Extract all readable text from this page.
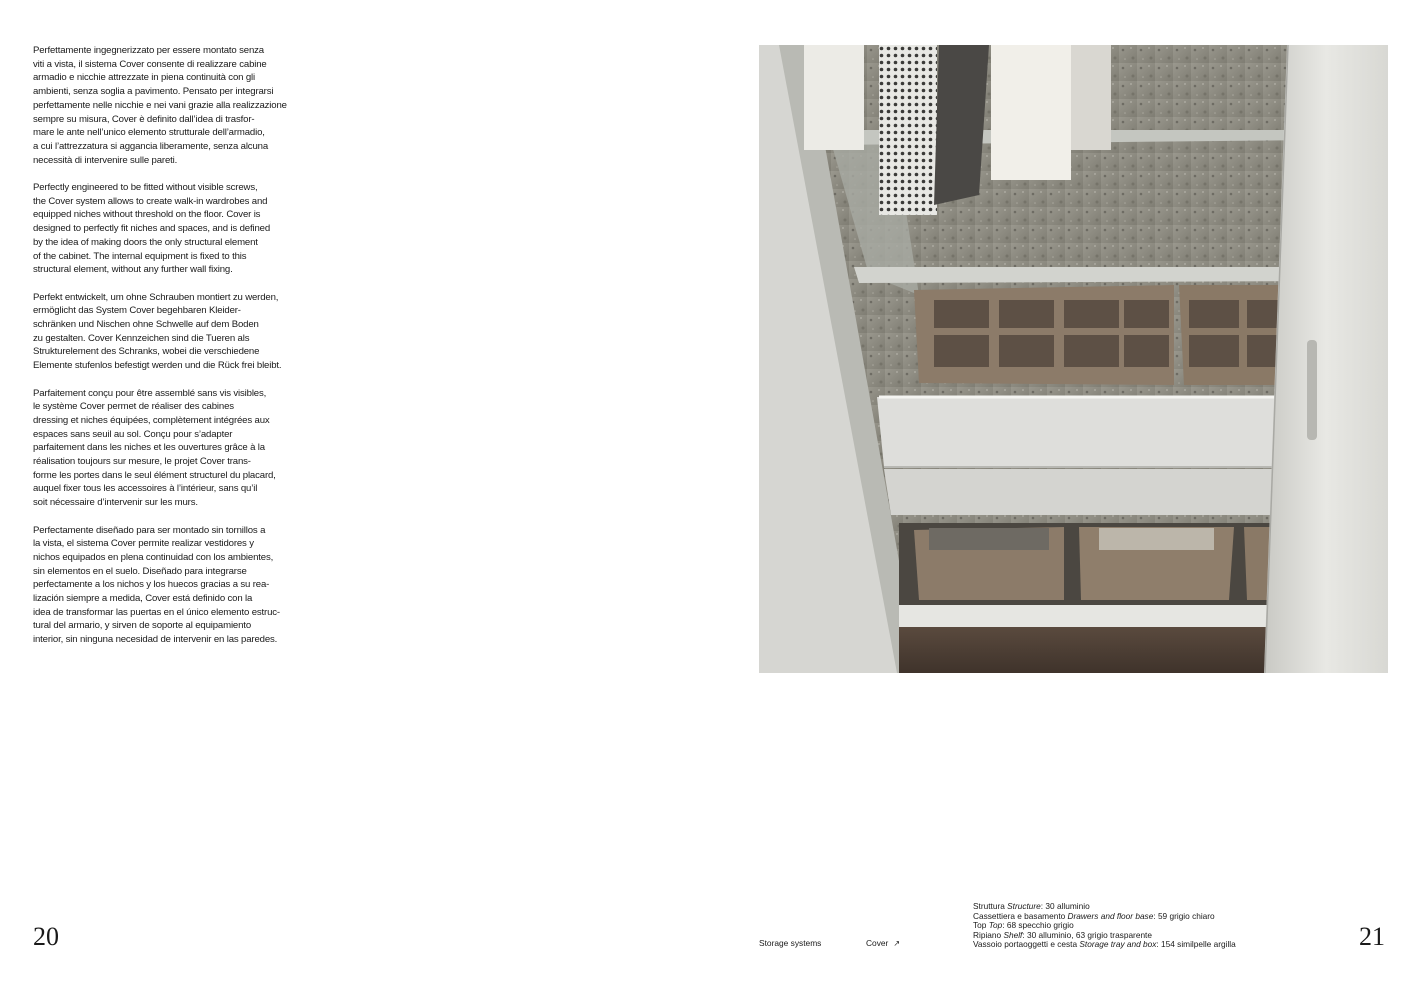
Perfettamente ingegnerizzato per essere montato senza
viti a vista, il sistema Cover consente di realizzare cabine
armadio e nicchie attrezzate in piena continuità con gli
ambienti, senza soglia a pavimento. Pensato per integrarsi
perfettamente nelle nicchie e nei vani grazie alla realizzazione
sempre su misura, Cover è definito dall’idea di trasfor-
mare le ante nell’unico elemento strutturale dell’armadio,
a cui l’attrezzatura si aggancia liberamente, senza alcuna
necessità di intervenire sulle pareti.

Perfectly engineered to be fitted without visible screws,
the Cover system allows to create walk-in wardrobes and
equipped niches without threshold on the floor. Cover is
designed to perfectly fit niches and spaces, and is defined
by the idea of making doors the only structural element
of the cabinet. The internal equipment is fixed to this
structural element, without any further wall fixing.

Perfekt entwickelt, um ohne Schrauben montiert zu werden,
ermöglicht das System Cover begehbaren Kleider-
schränken und Nischen ohne Schwelle auf dem Boden
zu gestalten. Cover Kennzeichen sind die Tueren als
Strukturelement des Schranks, wobei die verschiedene
Elemente stufenlos befestigt werden und die Rück frei bleibt.

Parfaitement conçu pour être assemblé sans vis visibles,
le système Cover permet de réaliser des cabines
dressing et niches équipées, complètement intégrées aux
espaces sans seuil au sol. Conçu pour s’adapter
parfaitement dans les niches et les ouvertures grâce à la
réalisation toujours sur mesure, le projet Cover trans-
forme les portes dans le seul élément structurel du placard,
auquel fixer tous les accessoires à l’intérieur, sans qu’il
soit nécessaire d’intervenir sur les murs.

Perfectamente diseñado para ser montado sin tornillos a
la vista, el sistema Cover permite realizar vestidores y
nichos equipados en plena continuidad con los ambientes,
sin elementos en el suelo. Diseñado para integrarse
perfectamente a los nichos y los huecos gracias a su rea-
lización siempre a medida, Cover está definido con la
idea de transformar las puertas en el único elemento estruc-
tural del armario, y sirven de soporte al equipamiento
interior, sin ninguna necesidad de intervenir en las paredes.

20	21
Storage systems	Cover ↗
Struttura Structure: 30 alluminio
Cassettiera e basamento Drawers and floor base: 59 grigio chiaro
Top Top: 68 specchio grigio
Ripiano Shelf: 30 alluminio, 63 grigio trasparente
Vassoio portaoggetti e cesta Storage tray and box: 154 similpelle argilla
